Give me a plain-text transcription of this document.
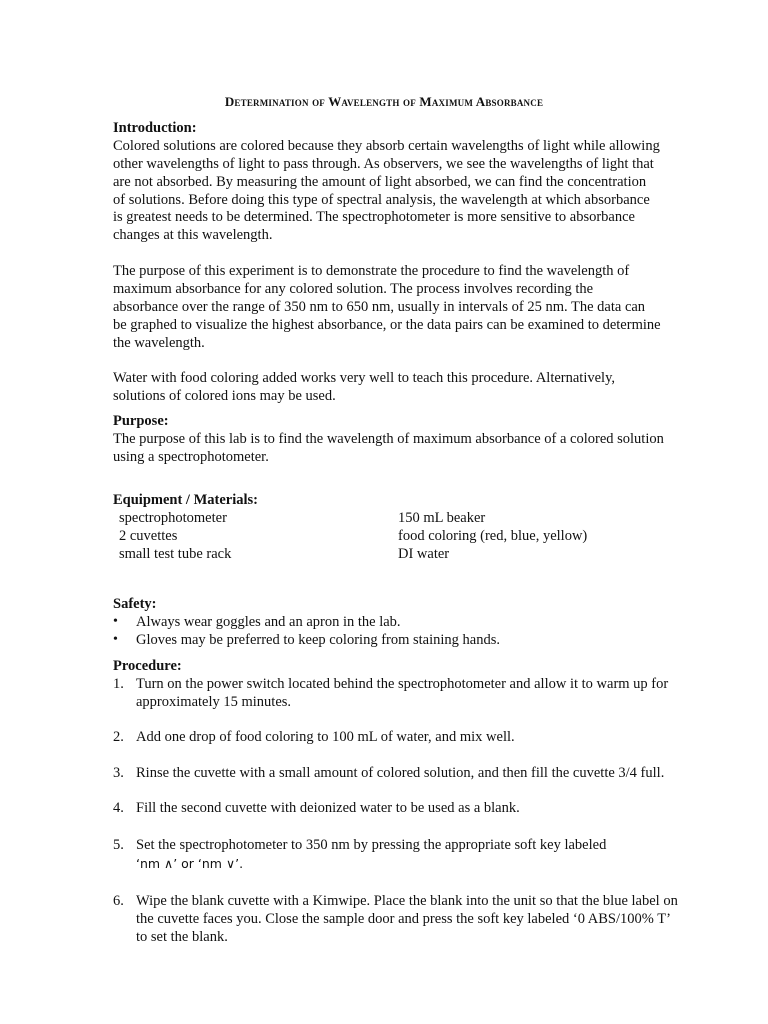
Determination of Wavelength of Maximum Absorbance
Introduction:
Colored solutions are colored because they absorb certain wavelengths of light while allowing
other wavelengths of light to pass through. As observers, we see the wavelengths of light that
are not absorbed. By measuring the amount of light absorbed, we can find the concentration
of solutions. Before doing this type of spectral analysis, the wavelength at which absorbance
is greatest needs to be determined. The spectrophotometer is more sensitive to absorbance
changes at this wavelength.
The purpose of this experiment is to demonstrate the procedure to find the wavelength of
maximum absorbance for any colored solution. The process involves recording the
absorbance over the range of 350 nm to 650 nm, usually in intervals of 25 nm. The data can
be graphed to visualize the highest absorbance, or the data pairs can be examined to determine
the wavelength.
Water with food coloring added works very well to teach this procedure. Alternatively,
solutions of colored ions may be used.
Purpose:
The purpose of this lab is to find the wavelength of maximum absorbance of a colored solution
using a spectrophotometer.
Equipment / Materials:
spectrophotometer	150 mL beaker
2 cuvettes	food coloring (red, blue, yellow)
small test tube rack	DI water
Safety:
• Always wear goggles and an apron in the lab.
• Gloves may be preferred to keep coloring from staining hands.
Procedure:
1. Turn on the power switch located behind the spectrophotometer and allow it to warm up for
approximately 15 minutes.
2. Add one drop of food coloring to 100 mL of water, and mix well.
3. Rinse the cuvette with a small amount of colored solution, and then fill the cuvette 3/4 full.
4. Fill the second cuvette with deionized water to be used as a blank.
5. Set the spectrophotometer to 350 nm by pressing the appropriate soft key labeled
‘nm ∧’ or ‘nm ∨’.
6. Wipe the blank cuvette with a Kimwipe. Place the blank into the unit so that the blue label on
the cuvette faces you. Close the sample door and press the soft key labeled ‘0 ABS/100% T’
to set the blank.
